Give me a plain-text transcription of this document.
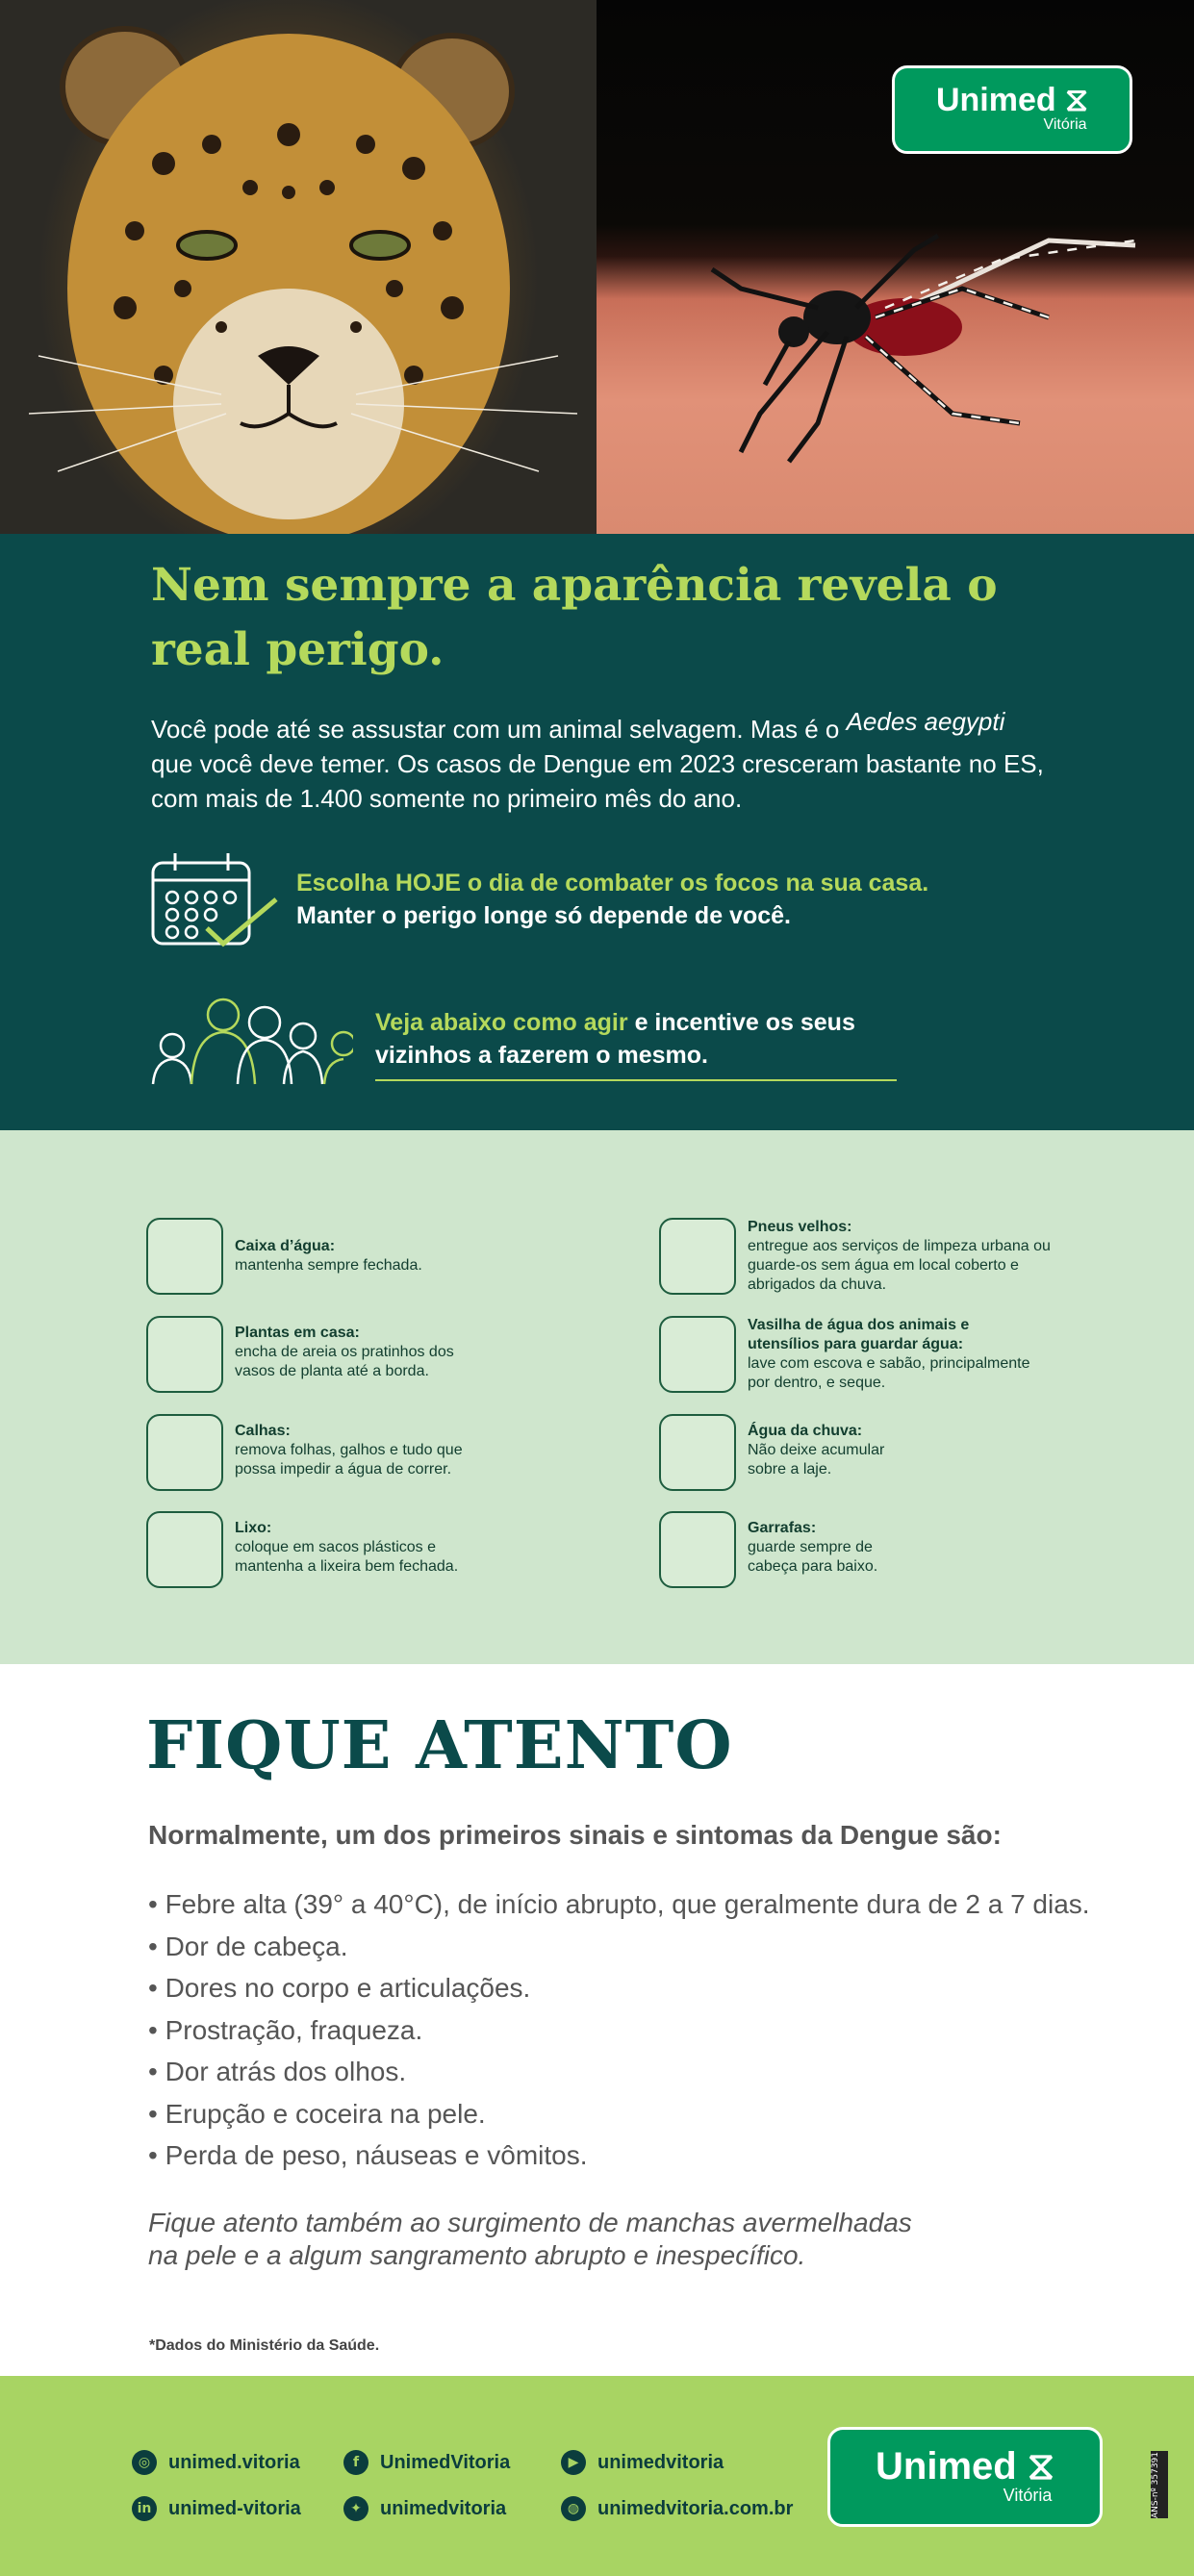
Unimed ⧖
Vitória
Nem sempre a aparência revela o real perigo.
Você pode até se assustar com um animal selvagem. Mas é o Aedes aegypti
que você deve temer. Os casos de Dengue em 2023 cresceram bastante no ES, com mais de 1.400 somente no primeiro mês do ano.
Escolha HOJE o dia de combater os focos na sua casa.
Manter o perigo longe só depende de você.
Veja abaixo como agir e incentive os seus
vizinhos a fazerem o mesmo.
Caixa d’água:
mantenha sempre fechada.
Plantas em casa:
encha de areia os pratinhos dos vasos de planta até a borda.
Calhas:
remova folhas, galhos e tudo que possa impedir a água de correr.
Lixo:
coloque em sacos plásticos e mantenha a lixeira bem fechada.
Pneus velhos:
entregue aos serviços de limpeza urbana ou guarde-os sem água em local coberto e abrigados da chuva.
Vasilha de água dos animais e utensílios para guardar água:
lave com escova e sabão, principalmente por dentro, e seque.
Água da chuva:
Não deixe acumular sobre a laje.
Garrafas:
guarde sempre de cabeça para baixo.
FIQUE ATENTO
Normalmente, um dos primeiros sinais e sintomas da Dengue são:
• Febre alta (39° a 40°C), de início abrupto, que geralmente dura de 2 a 7 dias.
• Dor de cabeça.
• Dores no corpo e articulações.
• Prostração, fraqueza.
• Dor atrás dos olhos.
• Erupção e coceira na pele.
• Perda de peso, náuseas e vômitos.
Fique atento também ao surgimento de manchas avermelhadas
na pele e a algum sangramento abrupto e inespecífico.
*Dados do Ministério da Saúde.
◎ unimed.vitoria
in unimed-vitoria
f	UnimedVitoria
✦ unimedvitoria
▶ unimedvitoria
◍ unimedvitoria.com.br
Unimed ⧖
Vitória	ANS-nº 357391
